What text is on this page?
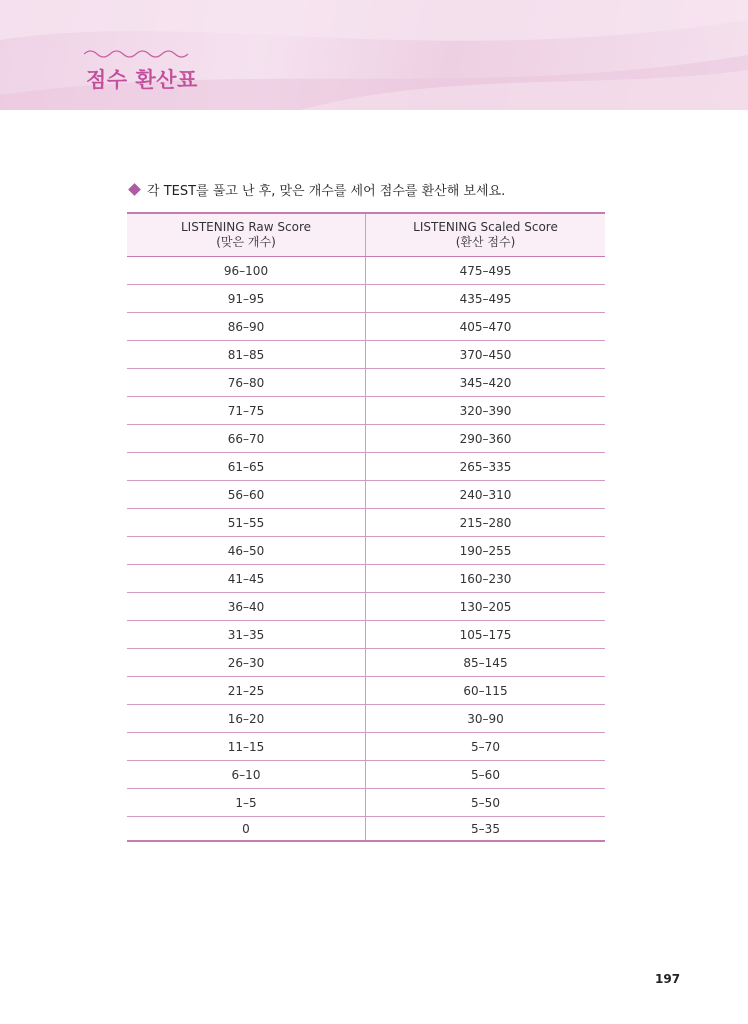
점수 환산표
각 TEST를 풀고 난 후, 맞은 개수를 세어 점수를 환산해 보세요.
LISTENING Raw Score
(맞은 개수)	LISTENING Scaled Score
(환산 점수)

96–100	475–495
91–95	435–495
86–90	405–470
81–85	370–450
76–80	345–420
71–75	320–390
66–70	290–360
61–65	265–335
56–60	240–310
51–55	215–280
46–50	190–255
41–45	160–230
36–40	130–205
31–35	105–175
26–30	85–145
21–25	60–115
16–20	30–90
11–15	5–70
6–10	5–60
1–5	5–50
0	5–35
197
